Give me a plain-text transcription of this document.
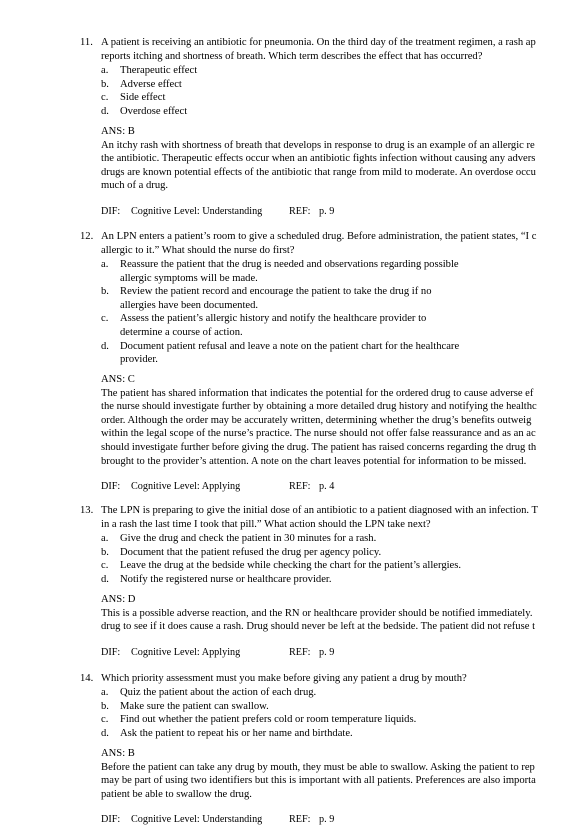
11. A patient is receiving an antibiotic for pneumonia. On the third day of the treatment regimen, a rash ap
reports itching and shortness of breath. Which term describes the effect that has occurred?
a. Therapeutic effect
b. Adverse effect
c. Side effect
d. Overdose effect
ANS: B
An itchy rash with shortness of breath that develops in response to drug is an example of an allergic re
the antibiotic. Therapeutic effects occur when an antibiotic fights infection without causing any advers
drugs are known potential effects of the antibiotic that range from mild to moderate. An overdose occu
much of a drug.
DIF: Cognitive Level: Understanding	REF: p. 9
12. An LPN enters a patient’s room to give a scheduled drug. Before administration, the patient states, “I c
allergic to it.” What should the nurse do first?
a. Reassure the patient that the drug is needed and observations regarding possible
allergic symptoms will be made.
b. Review the patient record and encourage the patient to take the drug if no
allergies have been documented.
c. Assess the patient’s allergic history and notify the healthcare provider to
determine a course of action.
d. Document patient refusal and leave a note on the patient chart for the healthcare
provider.
ANS: C
The patient has shared information that indicates the potential for the ordered drug to cause adverse ef
the nurse should investigate further by obtaining a more detailed drug history and notifying the healthc
order. Although the order may be accurately written, determining whether the drug’s benefits outweig
within the legal scope of the nurse’s practice. The nurse should not offer false reassurance and as an ac
should investigate further before giving the drug. The patient has raised concerns regarding the drug th
brought to the provider’s attention. A note on the chart leaves potential for information to be missed.
DIF: Cognitive Level: Applying	REF: p. 4
13. The LPN is preparing to give the initial dose of an antibiotic to a patient diagnosed with an infection. T
in a rash the last time I took that pill.” What action should the LPN take next?
a. Give the drug and check the patient in 30 minutes for a rash.
b. Document that the patient refused the drug per agency policy.
c. Leave the drug at the bedside while checking the chart for the patient’s allergies.
d. Notify the registered nurse or healthcare provider.
ANS: D
This is a possible adverse reaction, and the RN or healthcare provider should be notified immediately.
drug to see if it does cause a rash. Drug should never be left at the bedside. The patient did not refuse t
DIF: Cognitive Level: Applying	REF: p. 9
14. Which priority assessment must you make before giving any patient a drug by mouth?
a. Quiz the patient about the action of each drug.
b. Make sure the patient can swallow.
c. Find out whether the patient prefers cold or room temperature liquids.
d. Ask the patient to repeat his or her name and birthdate.
ANS: B
Before the patient can take any drug by mouth, they must be able to swallow. Asking the patient to rep
may be part of using two identifiers but this is important with all patients. Preferences are also importa
patient be able to swallow the drug.
DIF: Cognitive Level: Understanding	REF: p. 9
